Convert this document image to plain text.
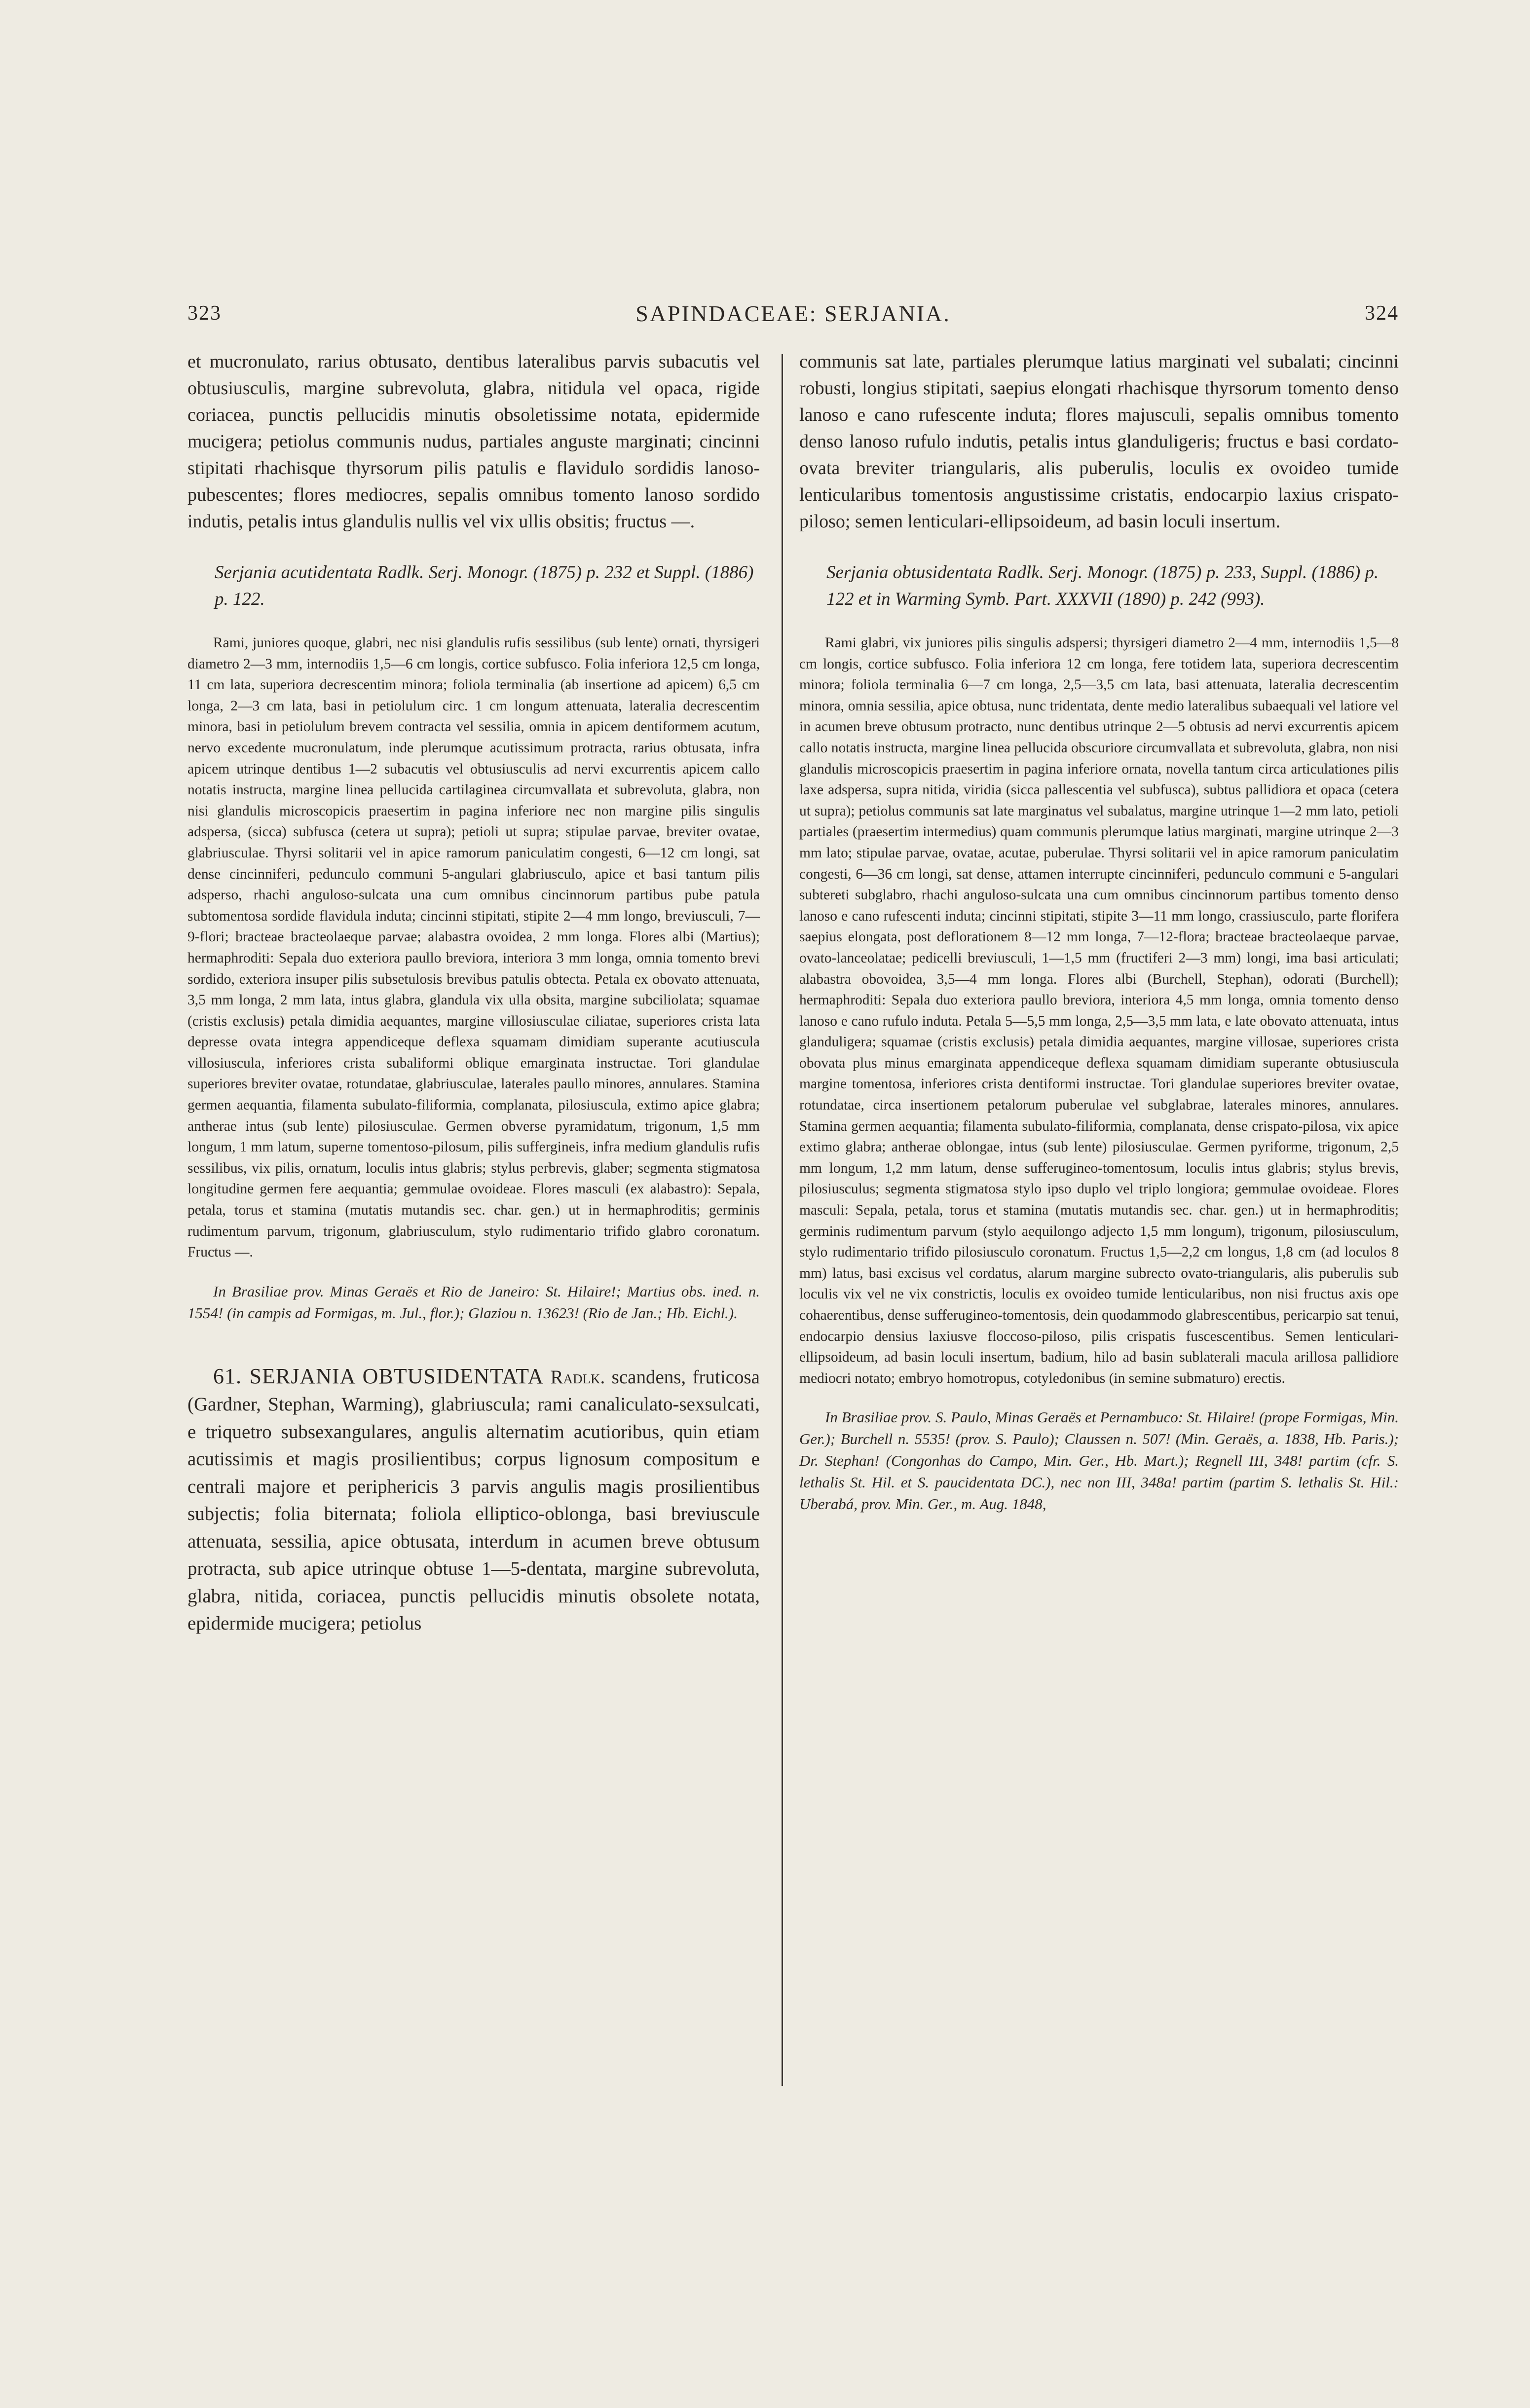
323	SAPINDACEAE: SERJANIA.	324

et mucronulato, rarius obtusato, dentibus lateralibus parvis subacutis vel obtusiusculis, margine subrevoluta, glabra, nitidula vel opaca, rigide coriacea, punctis pellucidis minutis obsoletissime notata, epidermide mucigera; petiolus communis nudus, partiales anguste marginati; cincinni stipitati rhachisque thyrsorum pilis patulis e flavidulo sordidis lanoso-pubescentes; flores mediocres, sepalis omnibus tomento lanoso sordido indutis, petalis intus glandulis nullis vel vix ullis obsitis; fructus —.

Serjania acutidentata Radlk. Serj. Monogr. (1875) p. 232 et Suppl. (1886) p. 122.

Rami, juniores quoque, glabri, nec nisi glandulis rufis sessilibus (sub lente) ornati, thyrsigeri diametro 2—3 mm, internodiis 1,5—6 cm longis, cortice subfusco. Folia inferiora 12,5 cm longa, 11 cm lata, superiora decrescentim minora; foliola terminalia (ab insertione ad apicem) 6,5 cm longa, 2—3 cm lata, basi in petiolulum circ. 1 cm longum attenuata, lateralia decrescentim minora, basi in petiolulum brevem contracta vel sessilia, omnia in apicem dentiformem acutum, nervo excedente mucronulatum, inde plerumque acutissimum protracta, rarius obtusata, infra apicem utrinque dentibus 1—2 subacutis vel obtusiusculis ad nervi excurrentis apicem callo notatis instructa, margine linea pellucida cartilaginea circumvallata et subrevoluta, glabra, non nisi glandulis microscopicis praesertim in pagina inferiore nec non margine pilis singulis adspersa, (sicca) subfusca (cetera ut supra); petioli ut supra; stipulae parvae, breviter ovatae, glabriusculae. Thyrsi solitarii vel in apice ramorum paniculatim congesti, 6—12 cm longi, sat dense cincinniferi, pedunculo communi 5-angulari glabriusculo, apice et basi tantum pilis adsperso, rhachi anguloso-sulcata una cum omnibus cincinnorum partibus pube patula subtomentosa sordide flavidula induta; cincinni stipitati, stipite 2—4 mm longo, breviusculi, 7—9-flori; bracteae bracteolaeque parvae; alabastra ovoidea, 2 mm longa. Flores albi (Martius); hermaphroditi: Sepala duo exteriora paullo breviora, interiora 3 mm longa, omnia tomento brevi sordido, exteriora insuper pilis subsetulosis brevibus patulis obtecta. Petala ex obovato attenuata, 3,5 mm longa, 2 mm lata, intus glabra, glandula vix ulla obsita, margine subciliolata; squamae (cristis exclusis) petala dimidia aequantes, margine villosiusculae ciliatae, superiores crista lata depresse ovata integra appendiceque deflexa squamam dimidiam superante acutiuscula villosiuscula, inferiores crista subaliformi oblique emarginata instructae. Tori glandulae superiores breviter ovatae, rotundatae, glabriusculae, laterales paullo minores, annulares. Stamina germen aequantia, filamenta subulato-filiformia, complanata, pilosiuscula, extimo apice glabra; antherae intus (sub lente) pilosiusculae. Germen obverse pyramidatum, trigonum, 1,5 mm longum, 1 mm latum, superne tomentoso-pilosum, pilis suffergineis, infra medium glandulis rufis sessilibus, vix pilis, ornatum, loculis intus glabris; stylus perbrevis, glaber; segmenta stigmatosa longitudine germen fere aequantia; gemmulae ovoideae. Flores masculi (ex alabastro): Sepala, petala, torus et stamina (mutatis mutandis sec. char. gen.) ut in hermaphroditis; germinis rudimentum parvum, trigonum, glabriusculum, stylo rudimentario trifido glabro coronatum. Fructus —.

In Brasiliae prov. Minas Geraës et Rio de Janeiro: St. Hilaire!; Martius obs. ined. n. 1554! (in campis ad Formigas, m. Jul., flor.); Glaziou n. 13623! (Rio de Jan.; Hb. Eichl.).

61. SERJANIA OBTUSIDENTATA Radlk. scandens, fruticosa (Gardner, Stephan, Warming), glabriuscula; rami canaliculato-sexsulcati, e triquetro subsexangulares, angulis alternatim acutioribus, quin etiam acutissimis et magis prosilientibus; corpus lignosum compositum e centrali majore et periphericis 3 parvis angulis magis prosilientibus subjectis; folia biternata; foliola elliptico-oblonga, basi breviuscule attenuata, sessilia, apice obtusata, interdum in acumen breve obtusum protracta, sub apice utrinque obtuse 1—5-dentata, margine subrevoluta, glabra, nitida, coriacea, punctis pellucidis minutis obsolete notata, epidermide mucigera; petiolus

communis sat late, partiales plerumque latius marginati vel subalati; cincinni robusti, longius stipitati, saepius elongati rhachisque thyrsorum tomento denso lanoso e cano rufescente induta; flores majusculi, sepalis omnibus tomento denso lanoso rufulo indutis, petalis intus glanduligeris; fructus e basi cordato-ovata breviter triangularis, alis puberulis, loculis ex ovoideo tumide lenticularibus tomentosis angustissime cristatis, endocarpio laxius crispato-piloso; semen lenticulari-ellipsoideum, ad basin loculi insertum.

Serjania obtusidentata Radlk. Serj. Monogr. (1875) p. 233, Suppl. (1886) p. 122 et in Warming Symb. Part. XXXVII (1890) p. 242 (993).

Rami glabri, vix juniores pilis singulis adspersi; thyrsigeri diametro 2—4 mm, internodiis 1,5—8 cm longis, cortice subfusco. Folia inferiora 12 cm longa, fere totidem lata, superiora decrescentim minora; foliola terminalia 6—7 cm longa, 2,5—3,5 cm lata, basi attenuata, lateralia decrescentim minora, omnia sessilia, apice obtusa, nunc tridentata, dente medio lateralibus subaequali vel latiore vel in acumen breve obtusum protracto, nunc dentibus utrinque 2—5 obtusis ad nervi excurrentis apicem callo notatis instructa, margine linea pellucida obscuriore circumvallata et subrevoluta, glabra, non nisi glandulis microscopicis praesertim in pagina inferiore ornata, novella tantum circa articulationes pilis laxe adspersa, supra nitida, viridia (sicca pallescentia vel subfusca), subtus pallidiora et opaca (cetera ut supra); petiolus communis sat late marginatus vel subalatus, margine utrinque 1—2 mm lato, petioli partiales (praesertim intermedius) quam communis plerumque latius marginati, margine utrinque 2—3 mm lato; stipulae parvae, ovatae, acutae, puberulae. Thyrsi solitarii vel in apice ramorum paniculatim congesti, 6—36 cm longi, sat dense, attamen interrupte cincinniferi, pedunculo communi e 5-angulari subtereti subglabro, rhachi anguloso-sulcata una cum omnibus cincinnorum partibus tomento denso lanoso e cano rufescenti induta; cincinni stipitati, stipite 3—11 mm longo, crassiusculo, parte florifera saepius elongata, post deflorationem 8—12 mm longa, 7—12-flora; bracteae bracteolaeque parvae, ovato-lanceolatae; pedicelli breviusculi, 1—1,5 mm (fructiferi 2—3 mm) longi, ima basi articulati; alabastra obovoidea, 3,5—4 mm longa. Flores albi (Burchell, Stephan), odorati (Burchell); hermaphroditi: Sepala duo exteriora paullo breviora, interiora 4,5 mm longa, omnia tomento denso lanoso e cano rufulo induta. Petala 5—5,5 mm longa, 2,5—3,5 mm lata, e late obovato attenuata, intus glanduligera; squamae (cristis exclusis) petala dimidia aequantes, margine villosae, superiores crista obovata plus minus emarginata appendiceque deflexa squamam dimidiam superante obtusiuscula margine tomentosa, inferiores crista dentiformi instructae. Tori glandulae superiores breviter ovatae, rotundatae, circa insertionem petalorum puberulae vel subglabrae, laterales minores, annulares. Stamina germen aequantia; filamenta subulato-filiformia, complanata, dense crispato-pilosa, vix apice extimo glabra; antherae oblongae, intus (sub lente) pilosiusculae. Germen pyriforme, trigonum, 2,5 mm longum, 1,2 mm latum, dense sufferugineo-tomentosum, loculis intus glabris; stylus brevis, pilosiusculus; segmenta stigmatosa stylo ipso duplo vel triplo longiora; gemmulae ovoideae. Flores masculi: Sepala, petala, torus et stamina (mutatis mutandis sec. char. gen.) ut in hermaphroditis; germinis rudimentum parvum (stylo aequilongo adjecto 1,5 mm longum), trigonum, pilosiusculum, stylo rudimentario trifido pilosiusculo coronatum. Fructus 1,5—2,2 cm longus, 1,8 cm (ad loculos 8 mm) latus, basi excisus vel cordatus, alarum margine subrecto ovato-triangularis, alis puberulis sub loculis vix vel ne vix constrictis, loculis ex ovoideo tumide lenticularibus, non nisi fructus axis ope cohaerentibus, dense sufferugineo-tomentosis, dein quodammodo glabrescentibus, pericarpio sat tenui, endocarpio densius laxiusve floccoso-piloso, pilis crispatis fuscescentibus. Semen lenticulari-ellipsoideum, ad basin loculi insertum, badium, hilo ad basin sublaterali macula arillosa pallidiore mediocri notato; embryo homotropus, cotyledonibus (in semine submaturo) erectis.

In Brasiliae prov. S. Paulo, Minas Geraës et Pernambuco: St. Hilaire! (prope Formigas, Min. Ger.); Burchell n. 5535! (prov. S. Paulo); Claussen n. 507! (Min. Geraës, a. 1838, Hb. Paris.); Dr. Stephan! (Congonhas do Campo, Min. Ger., Hb. Mart.); Regnell III, 348! partim (cfr. S. lethalis St. Hil. et S. paucidentata DC.), nec non III, 348a! partim (partim S. lethalis St. Hil.: Uberabá, prov. Min. Ger., m. Aug. 1848,
